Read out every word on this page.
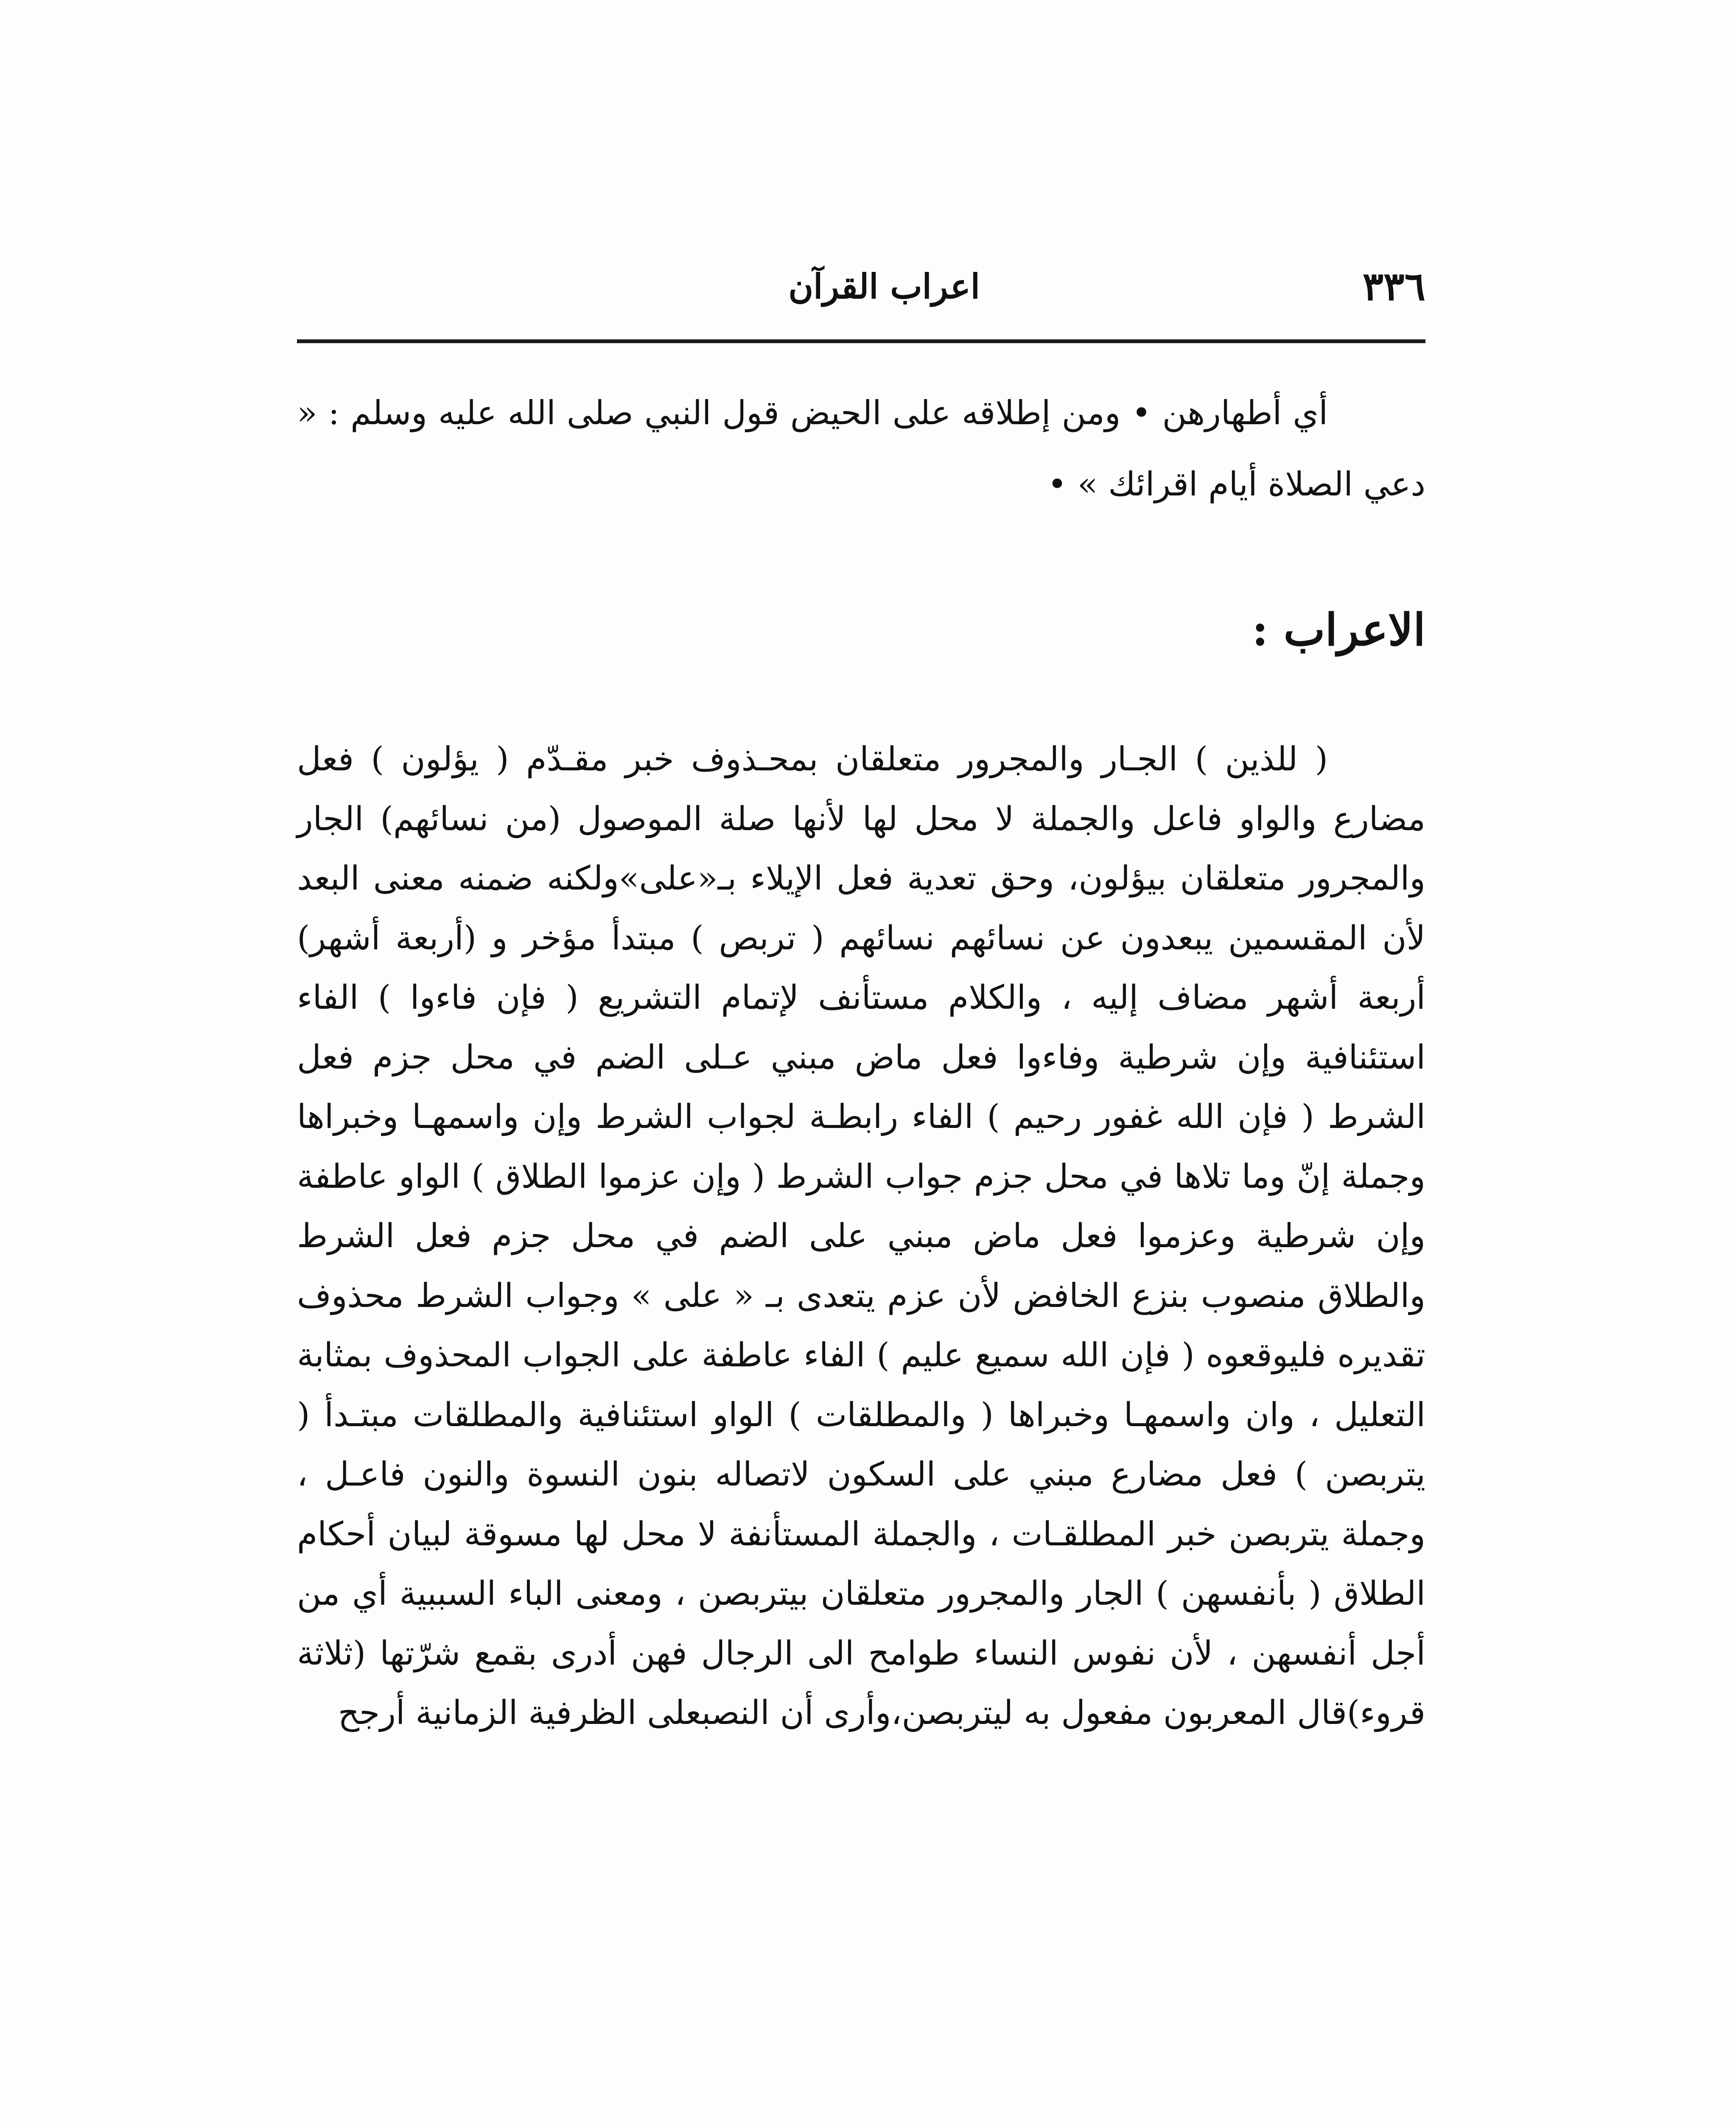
٣٣٦
اعراب القرآن
أي أطهارهن • ومن إطلاقه على الحيض قول النبي صلى الله عليه وسلم : « دعي الصلاة أيام اقرائك » •
الاعراب :
( للذين ) الجـار والمجرور متعلقان بمحـذوف خبر مقـدّم ( يؤلون ) فعل مضارع والواو فاعل والجملة لا محل لها لأنها صلة الموصول (من نسائهم) الجار والمجرور متعلقان بيؤلون، وحق تعدية فعل الإيلاء بـ«على»ولكنه ضمنه معنى البعد لأن المقسمين يبعدون عن نسائهم نسائهم ( تربص ) مبتدأ مؤخر و (أربعة أشهر) أربعة أشهر مضاف إليه ، والكلام مستأنف لإتمام التشريع ( فإن فاءوا ) الفاء استئنافية وإن شرطية وفاءوا فعل ماض مبني عـلى الضم في محل جزم فعل الشرط ( فإن الله غفور رحيم ) الفاء رابطـة لجواب الشرط وإن واسمهـا وخبراها وجملة إنّ وما تلاها في محل جزم جواب الشرط ( وإن عزموا الطلاق ) الواو عاطفة وإن شرطية وعزموا فعل ماض مبني على الضم في محل جزم فعل الشرط والطلاق منصوب بنزع الخافض لأن عزم يتعدى بـ « على » وجواب الشرط محذوف تقديره فليوقعوه ( فإن الله سميع عليم ) الفاء عاطفة على الجواب المحذوف بمثابة التعليل ، وان واسمهـا وخبراها ( والمطلقات ) الواو استئنافية والمطلقات مبتـدأ ( يتربصن ) فعل مضارع مبني على السكون لاتصاله بنون النسوة والنون فاعـل ، وجملة يتربصن خبر المطلقـات ، والجملة المستأنفة لا محل لها مسوقة لبيان أحكام الطلاق ( بأنفسهن ) الجار والمجرور متعلقان بيتربصن ، ومعنى الباء السببية أي من أجل أنفسهن ، لأن نفوس النساء طوامح الى الرجال فهن أدرى بقمع شرّتها (ثلاثة قروء)قال المعربون مفعول به ليتربصن،وأرى أن النصبعلى الظرفية الزمانية أرجح
